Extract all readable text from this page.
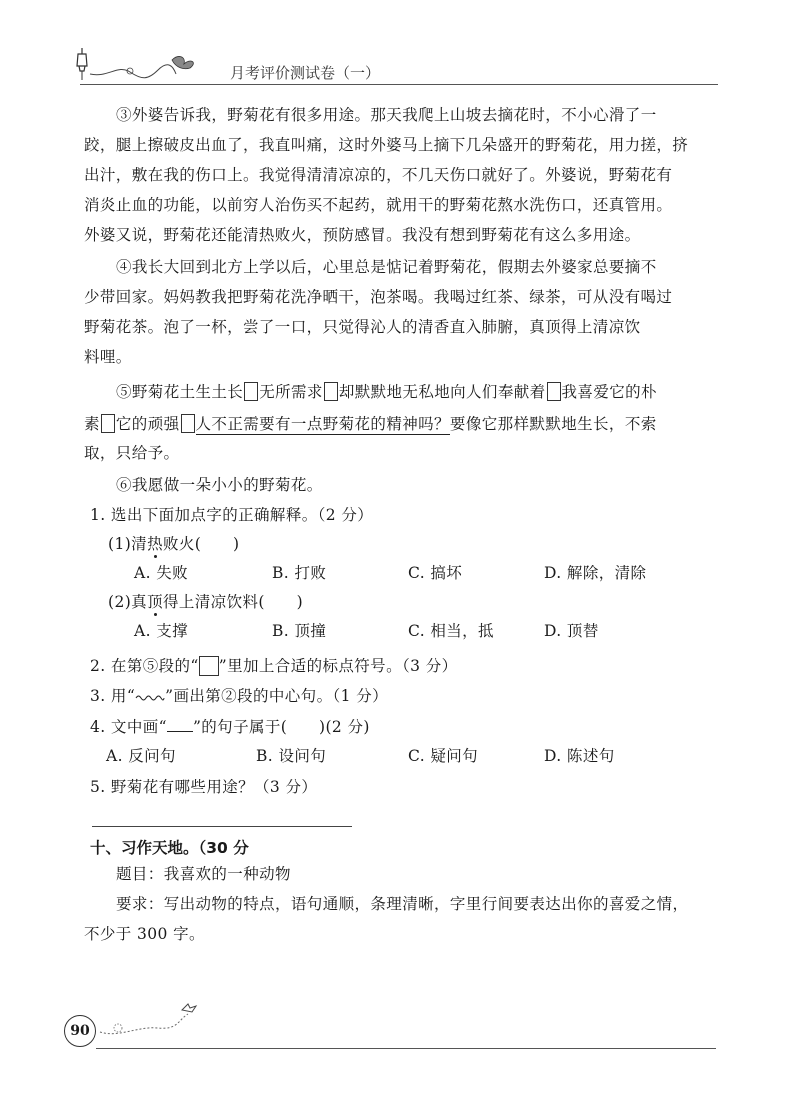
月考评价测试卷（一）
③外婆告诉我，野菊花有很多用途。那天我爬上山坡去摘花时，不小心滑了一
跤，腿上擦破皮出血了，我直叫痛，这时外婆马上摘下几朵盛开的野菊花，用力搓，挤
出汁，敷在我的伤口上。我觉得清清凉凉的，不几天伤口就好了。外婆说，野菊花有
消炎止血的功能，以前穷人治伤买不起药，就用干的野菊花熬水洗伤口，还真管用。
外婆又说，野菊花还能清热败火，预防感冒。我没有想到野菊花有这么多用途。
④我长大回到北方上学以后，心里总是惦记着野菊花，假期去外婆家总要摘不
少带回家。妈妈教我把野菊花洗净晒干，泡茶喝。我喝过红茶、绿茶，可从没有喝过
野菊花茶。泡了一杯，尝了一口，只觉得沁人的清香直入肺腑，真顶得上清凉饮
料哩。
⑤野菊花土生土长 无所需求 却默默地无私地向人们奉献着 我喜爱它的朴
素 它的顽强 人不正需要有一点野菊花的精神吗？要像它那样默默地生长，不索
取，只给予。
⑥我愿做一朵小小的野菊花。
1. 选出下面加点字的正确解释。（2 分）
(1)清热败火(　　)
A. 失败	B. 打败	C. 搞坏	D. 解除，清除
(2)真顶得上清凉饮料(　　)
A. 支撑	B. 顶撞	C. 相当，抵	D. 顶替
2. 在第⑤段的“ ”里加上合适的标点符号。（3 分）
3. 用“ ”画出第②段的中心句。（1 分）
4. 文中画“ ”的句子属于(　　)(2 分)
A. 反问句	B. 设问句	C. 疑问句	D. 陈述句
5. 野菊花有哪些用途？（3 分）
十、习作天地。（30 分
题目：我喜欢的一种动物
要求：写出动物的特点，语句通顺，条理清晰，字里行间要表达出你的喜爱之情，
不少于 300 字。
90
